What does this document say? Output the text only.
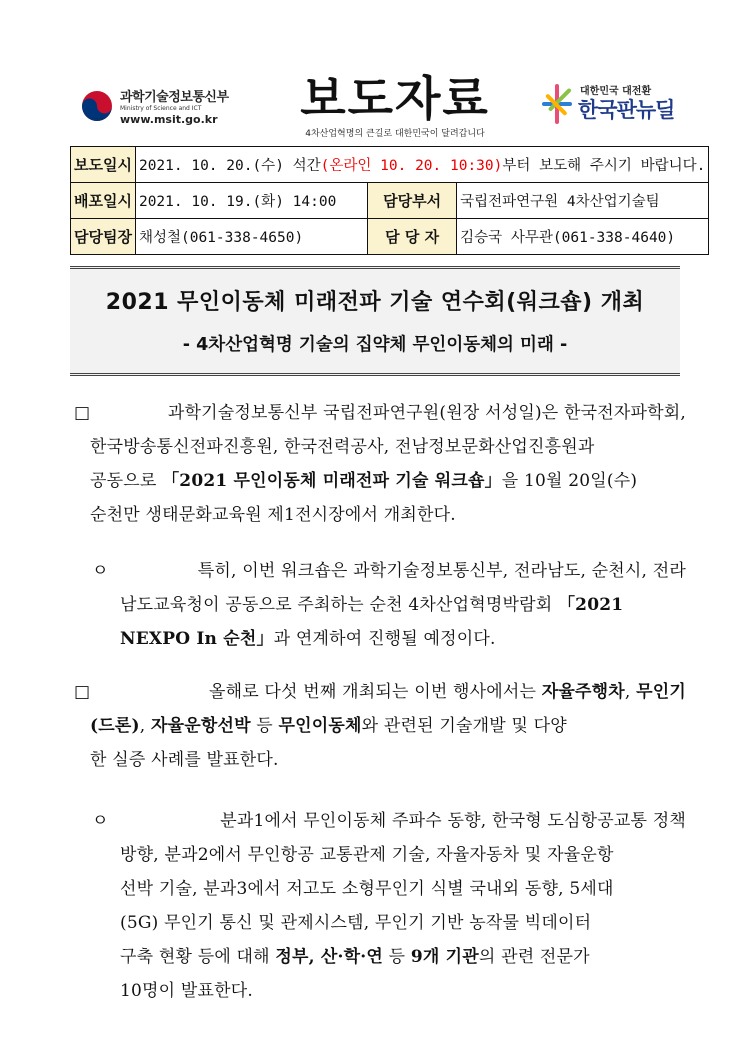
과학기술정보통신부
Ministry of Science and ICT
www.msit.go.kr 보도자료
4차산업혁명의 큰길로 대한민국이 달려갑니다
대한민국 대전환
한국판뉴딜
보도일시	2021. 10. 20.(수) 석간(온라인 10. 20. 10:30)부터 보도해 주시기 바랍니다.		
배포일시	2021. 10. 19.(화) 14:00	담당부서	국립전파연구원 4차산업기술팀
담당팀장	채성철(061-338-4650)	담 당 자	김승국 사무관(061-338-4640)
2021 무인이동체 미래전파 기술 연수회(워크숍) 개최
- 4차산업혁명 기술의 집약체 무인이동체의 미래 -
□	과학기술정보통신부 국립전파연구원(원장 서성일)은 한국전자파학회,
한국방송통신전파진흥원, 한국전력공사, 전남정보문화산업진흥원과
공동으로 「2021 무인이동체 미래전파 기술 워크숍」을 10월 20일(수)
순천만 생태문화교육원 제1전시장에서 개최한다.
ㅇ	특히, 이번 워크숍은 과학기술정보통신부, 전라남도, 순천시, 전라
남도교육청이 공동으로 주최하는 순천 4차산업혁명박람회 「2021
NEXPO In 순천」과 연계하여 진행될 예정이다.
□	올해로 다섯 번째 개최되는 이번 행사에서는 자율주행차, 무인기
(드론), 자율운항선박 등 무인이동체와 관련된 기술개발 및 다양
한 실증 사례를 발표한다.
ㅇ	분과1에서 무인이동체 주파수 동향, 한국형 도심항공교통 정책
방향, 분과2에서 무인항공 교통관제 기술, 자율자동차 및 자율운항
선박 기술, 분과3에서 저고도 소형무인기 식별 국내외 동향, 5세대
(5G) 무인기 통신 및 관제시스템, 무인기 기반 농작물 빅데이터
구축 현황 등에 대해 정부, 산·학·연 등 9개 기관의 관련 전문가
10명이 발표한다.
